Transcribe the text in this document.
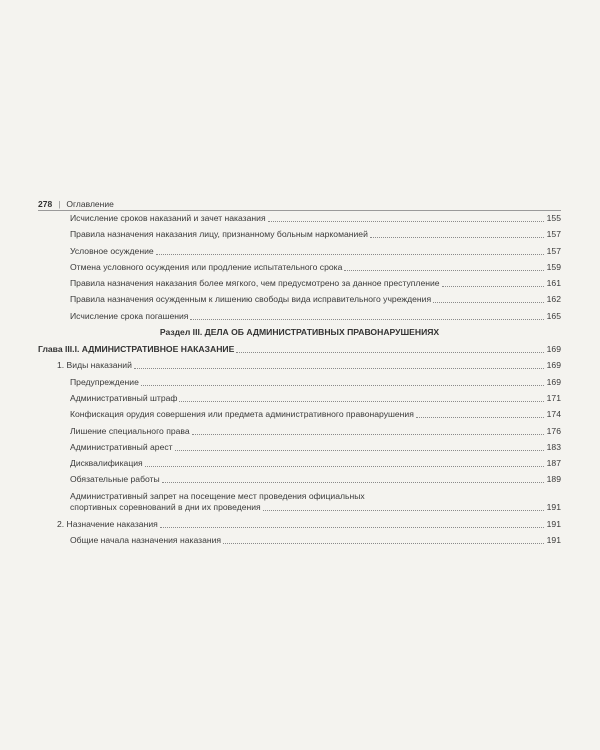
278 | Оглавление
Исчисление сроков наказаний и зачет наказания	155
Правила назначения наказания лицу, признанному больным наркоманией	157
Условное осуждение	157
Отмена условного осуждения или продление испытательного срока	159
Правила назначения наказания более мягкого, чем предусмотрено за данное преступление	161
Правила назначения осужденным к лишению свободы вида исправительного учреждения	162
Исчисление срока погашения	165
Раздел III. ДЕЛА ОБ АДМИНИСТРАТИВНЫХ ПРАВОНАРУШЕНИЯХ
Глава III.I. АДМИНИСТРАТИВНОЕ НАКАЗАНИЕ	169
1. Виды наказаний	169
Предупреждение	169
Административный штраф	171
Конфискация орудия совершения или предмета административного правонарушения	174
Лишение специального права	176
Административный арест	183
Дисквалификация	187
Обязательные работы	189
Административный запрет на посещение мест проведения официальных
спортивных соревнований в дни их проведения	191
2. Назначение наказания	191
Общие начала назначения наказания	191
